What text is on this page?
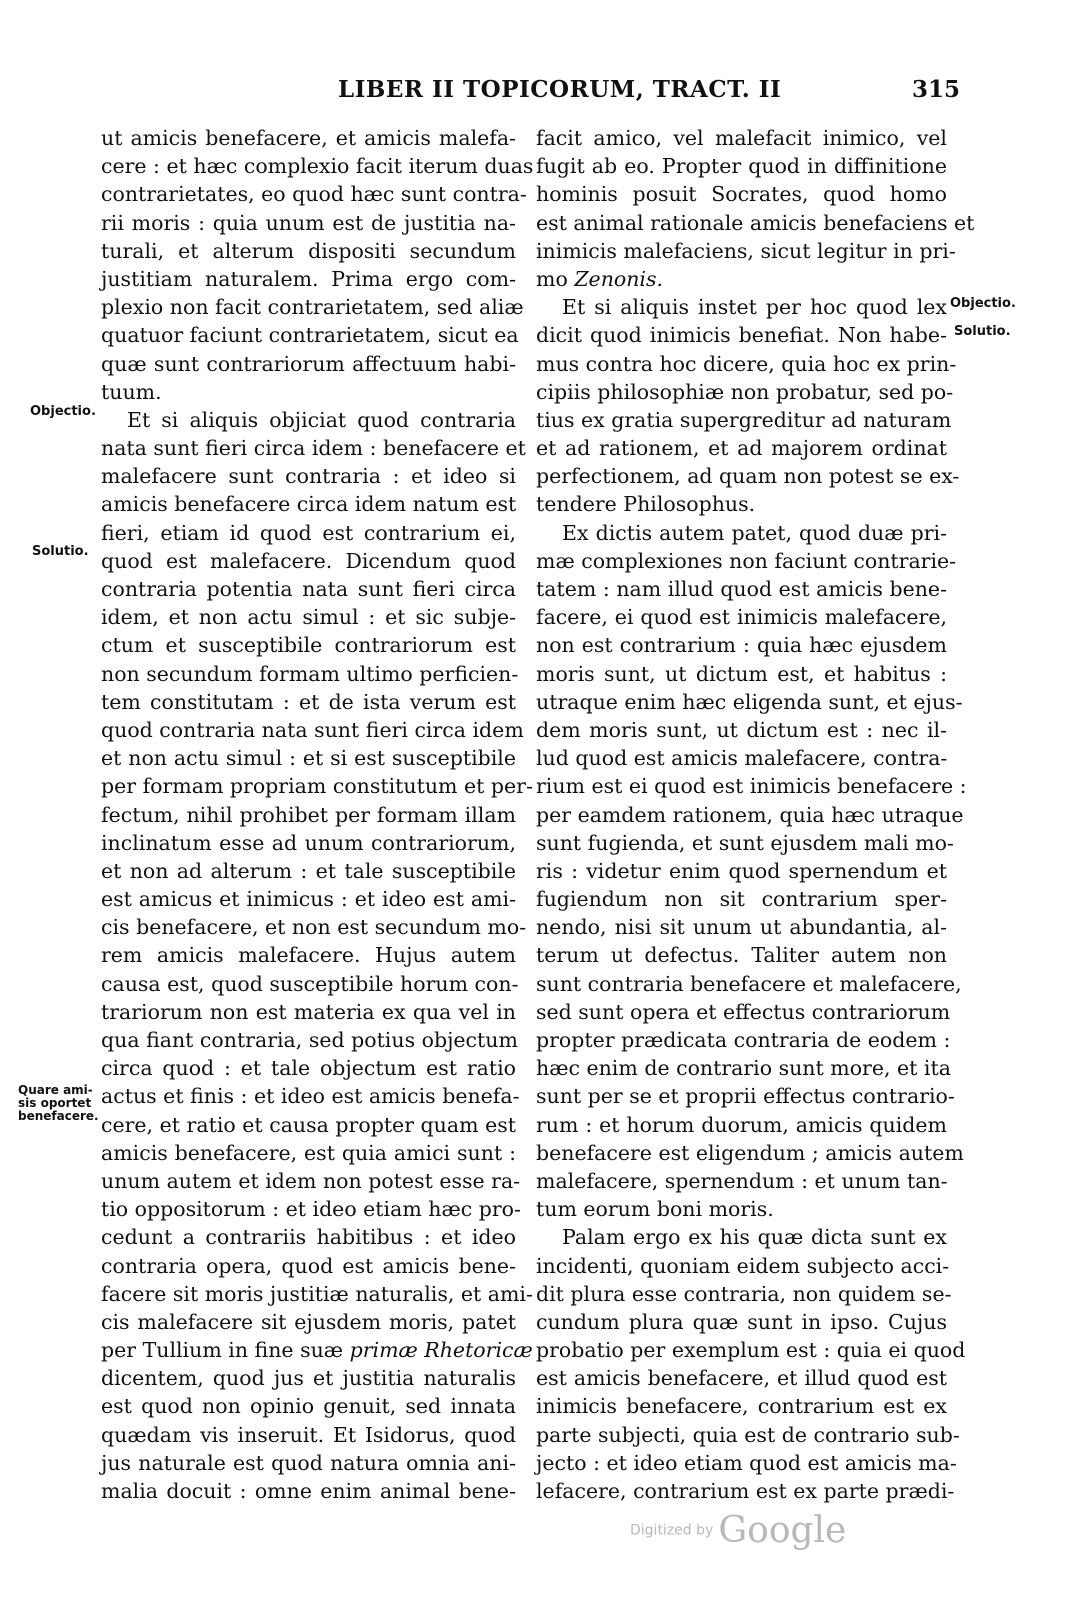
LIBER II TOPICORUM, TRACT. II	315
Objectio.
Solutio.
Quare ami-
sis oportet
benefacere.
Objectio.
Solutio.
ut amicis benefacere, et amicis malefa-
cere : et hæc complexio facit iterum duas
contrarietates, eo quod hæc sunt contra-
rii moris : quia unum est de justitia na-
turali, et alterum dispositi secundum
justitiam naturalem. Prima ergo com-
plexio non facit contrarietatem, sed aliæ
quatuor faciunt contrarietatem, sicut ea
quæ sunt contrariorum affectuum habi-
tuum.
Et si aliquis objiciat quod contraria
nata sunt fieri circa idem : benefacere et
malefacere sunt contraria : et ideo si
amicis benefacere circa idem natum est
fieri, etiam id quod est contrarium ei,
quod est malefacere. Dicendum quod
contraria potentia nata sunt fieri circa
idem, et non actu simul : et sic subje-
ctum et susceptibile contrariorum est
non secundum formam ultimo perficien-
tem constitutam : et de ista verum est
quod contraria nata sunt fieri circa idem
et non actu simul : et si est susceptibile
per formam propriam constitutum et per-
fectum, nihil prohibet per formam illam
inclinatum esse ad unum contrariorum,
et non ad alterum : et tale susceptibile
est amicus et inimicus : et ideo est ami-
cis benefacere, et non est secundum mo-
rem amicis malefacere. Hujus autem
causa est, quod susceptibile horum con-
trariorum non est materia ex qua vel in
qua fiant contraria, sed potius objectum
circa quod : et tale objectum est ratio
actus et finis : et ideo est amicis benefa-
cere, et ratio et causa propter quam est
amicis benefacere, est quia amici sunt :
unum autem et idem non potest esse ra-
tio oppositorum : et ideo etiam hæc pro-
cedunt a contrariis habitibus : et ideo
contraria opera, quod est amicis bene-
facere sit moris justitiæ naturalis, et ami-
cis malefacere sit ejusdem moris, patet
per Tullium in fine suæ primæ Rhetoricæ
dicentem, quod jus et justitia naturalis
est quod non opinio genuit, sed innata
quædam vis inseruit. Et Isidorus, quod
jus naturale est quod natura omnia ani-
malia docuit : omne enim animal bene-
facit amico, vel malefacit inimico, vel
fugit ab eo. Propter quod in diffinitione
hominis posuit Socrates, quod homo
est animal rationale amicis benefaciens et
inimicis malefaciens, sicut legitur in pri-
mo Zenonis.
Et si aliquis instet per hoc quod lex
dicit quod inimicis benefiat. Non habe-
mus contra hoc dicere, quia hoc ex prin-
cipiis philosophiæ non probatur, sed po-
tius ex gratia supergreditur ad naturam
et ad rationem, et ad majorem ordinat
perfectionem, ad quam non potest se ex-
tendere Philosophus.
Ex dictis autem patet, quod duæ pri-
mæ complexiones non faciunt contrarie-
tatem : nam illud quod est amicis bene-
facere, ei quod est inimicis malefacere,
non est contrarium : quia hæc ejusdem
moris sunt, ut dictum est, et habitus :
utraque enim hæc eligenda sunt, et ejus-
dem moris sunt, ut dictum est : nec il-
lud quod est amicis malefacere, contra-
rium est ei quod est inimicis benefacere :
per eamdem rationem, quia hæc utraque
sunt fugienda, et sunt ejusdem mali mo-
ris : videtur enim quod spernendum et
fugiendum non sit contrarium sper-
nendo, nisi sit unum ut abundantia, al-
terum ut defectus. Taliter autem non
sunt contraria benefacere et malefacere,
sed sunt opera et effectus contrariorum
propter prædicata contraria de eodem :
hæc enim de contrario sunt more, et ita
sunt per se et proprii effectus contrario-
rum : et horum duorum, amicis quidem
benefacere est eligendum ; amicis autem
malefacere, spernendum : et unum tan-
tum eorum boni moris.
Palam ergo ex his quæ dicta sunt ex
incidenti, quoniam eidem subjecto acci-
dit plura esse contraria, non quidem se-
cundum plura quæ sunt in ipso. Cujus
probatio per exemplum est : quia ei quod
est amicis benefacere, et illud quod est
inimicis benefacere, contrarium est ex
parte subjecti, quia est de contrario sub-
jecto : et ideo etiam quod est amicis ma-
lefacere, contrarium est ex parte prædi-
Digitized by Google
